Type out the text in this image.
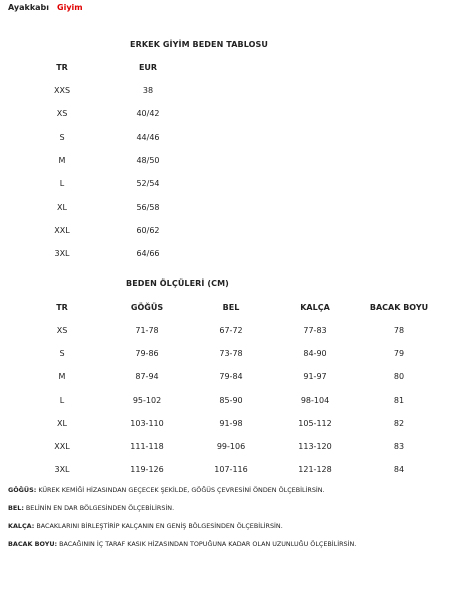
Ayakkabı Giyim
ERKEK GİYİM BEDEN TABLOSU
TR	EUR
XXS	38
XS	40/42
S	44/46
M	48/50
L	52/54
XL	56/58
XXL	60/62
3XL	64/66
BEDEN ÖLÇÜLERİ (CM)
TR	GÖĞÜS	BEL	KALÇA	BACAK BOYU
XS	71-78	67-72	77-83	78
S	79-86	73-78	84-90	79
M	87-94	79-84	91-97	80
L	95-102	85-90	98-104	81
XL	103-110	91-98	105-112	82
XXL	111-118	99-106	113-120	83
3XL	119-126	107-116	121-128	84
GÖĞÜS: KÜREK KEMİĞİ HİZASINDAN GEÇECEK ŞEKİLDE, GÖĞÜS ÇEVRESİNİ ÖNDEN ÖLÇEBİLİRSİN.
BEL: BELİNİN EN DAR BÖLGESİNDEN ÖLÇEBİLİRSİN.
KALÇA: BACAKLARINI BİRLEŞTİRİP KALÇANIN EN GENİŞ BÖLGESİNDEN ÖLÇEBİLİRSİN.
BACAK BOYU: BACAĞININ İÇ TARAF KASIK HİZASINDAN TOPUĞUNA KADAR OLAN UZUNLUĞU ÖLÇEBİLİRSİN.
